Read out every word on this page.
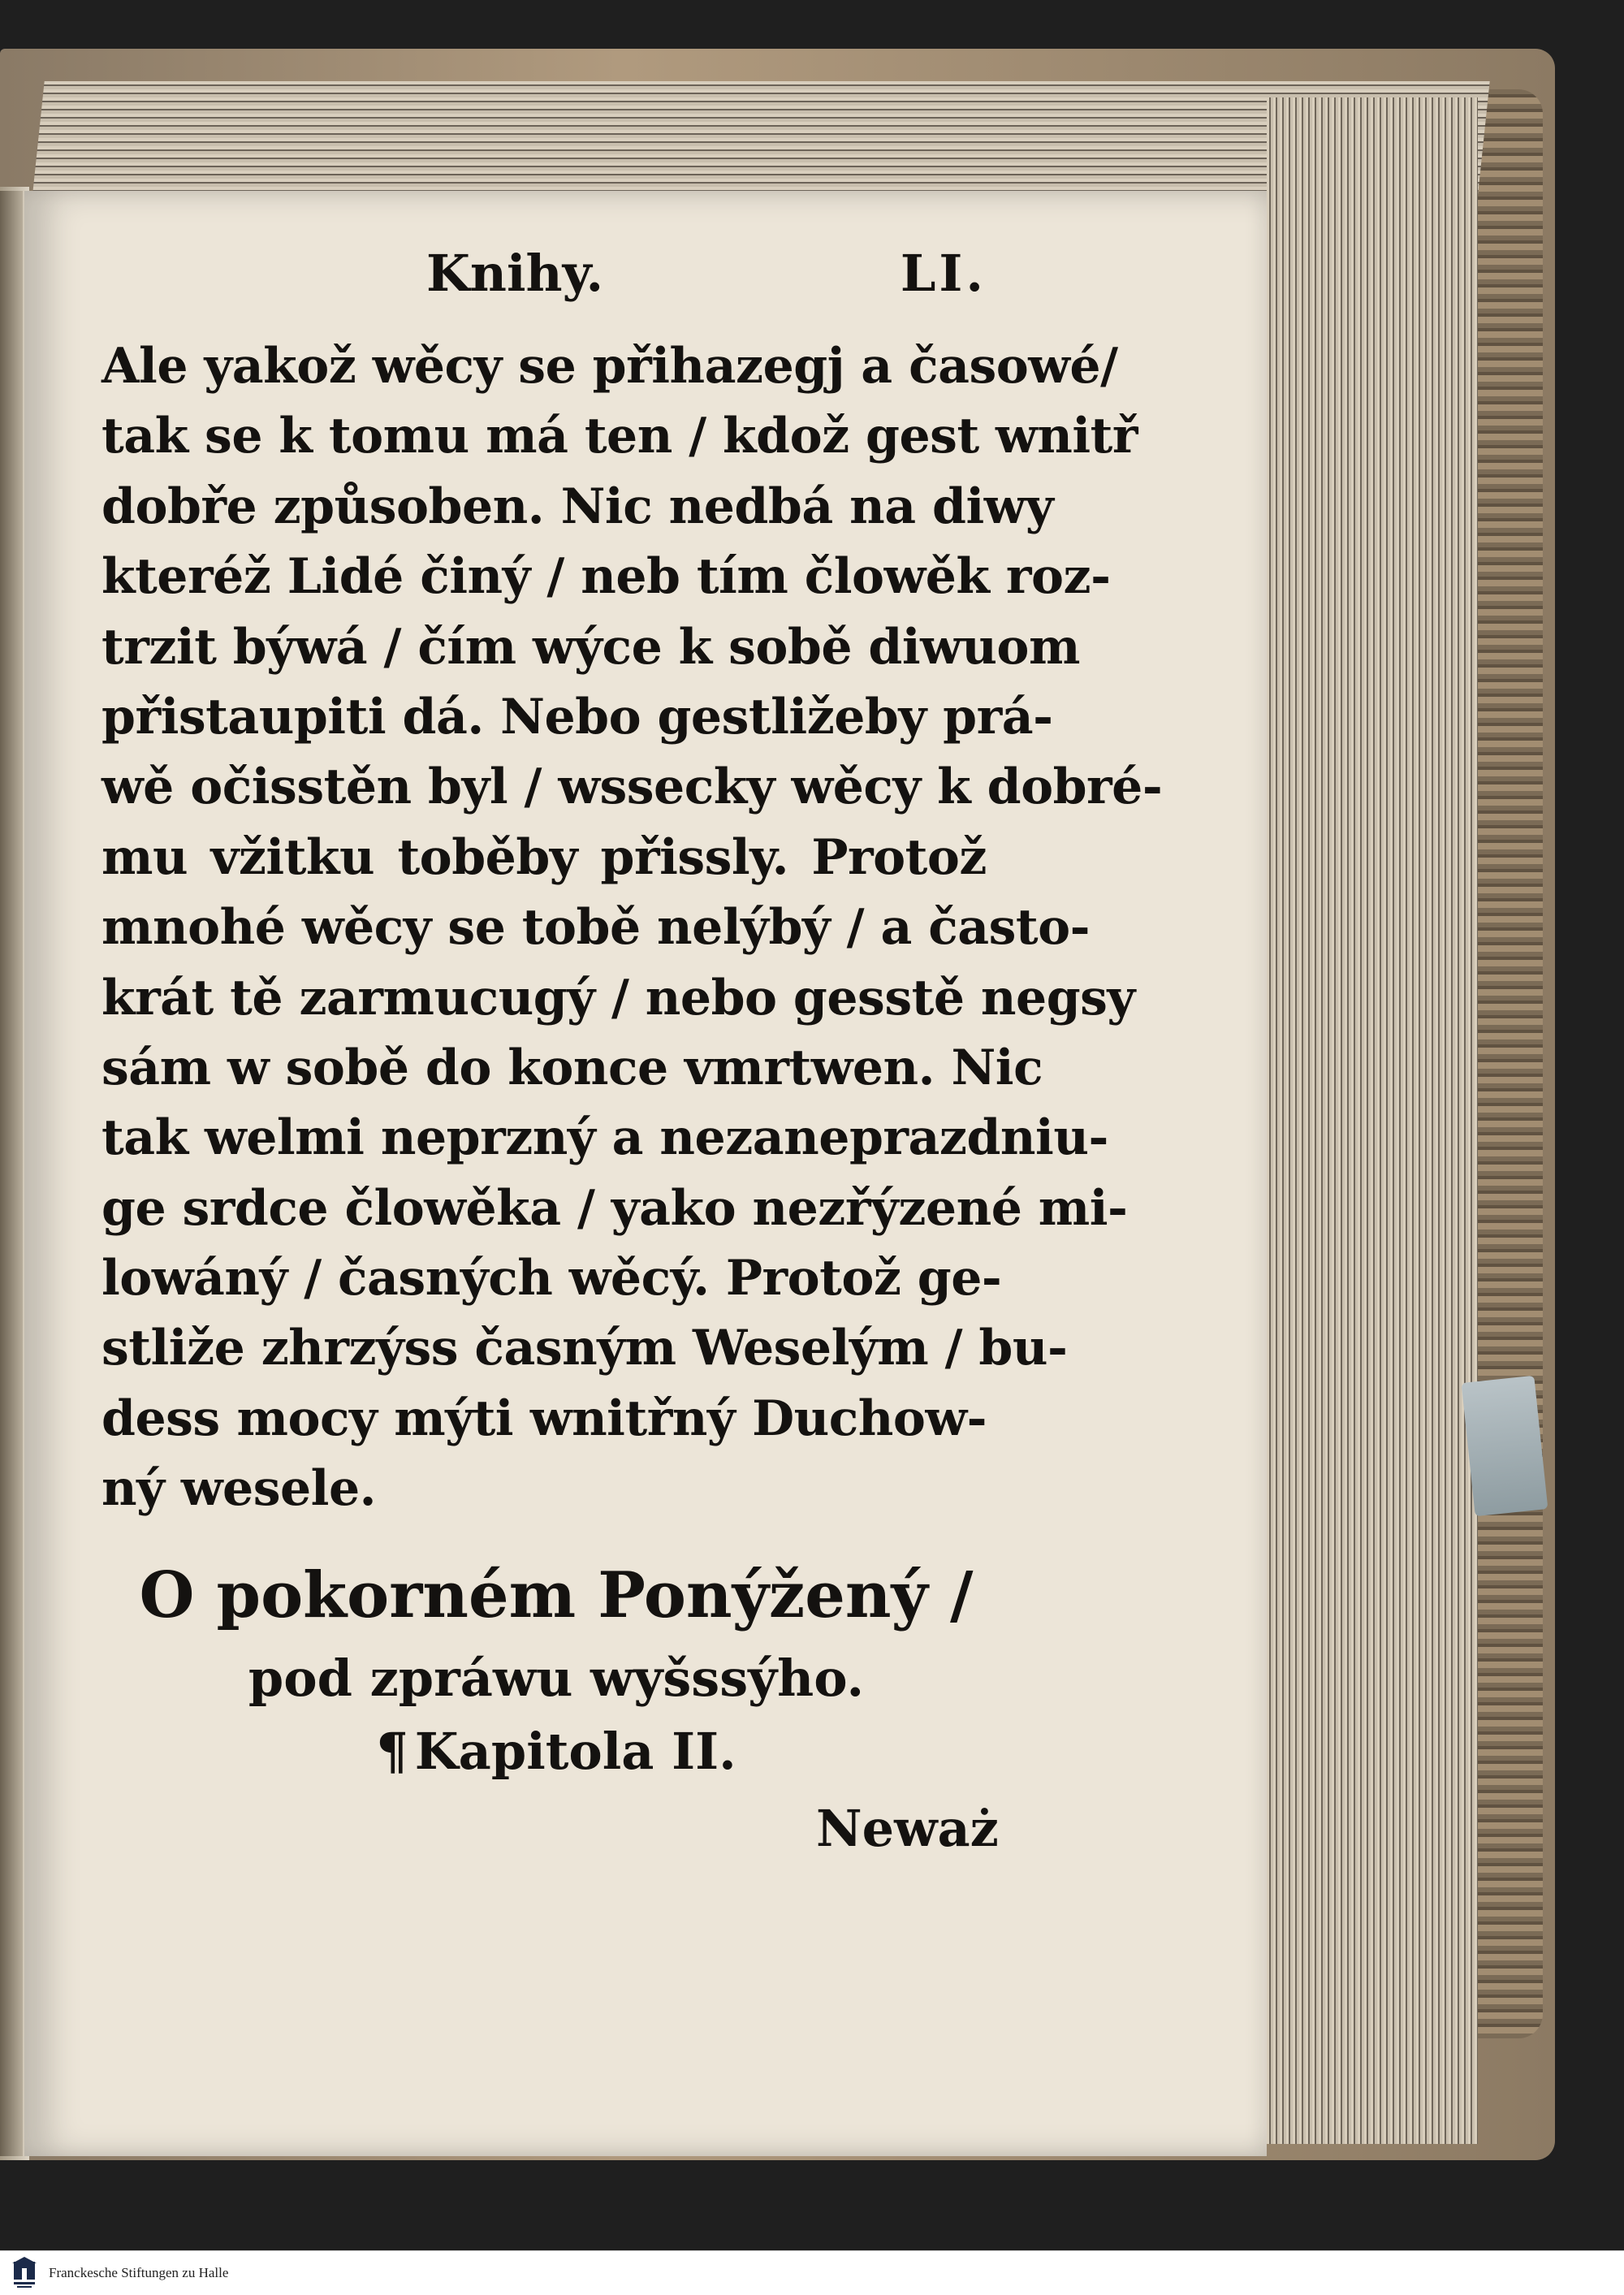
Knihy.	LI.
Ale yakož wěcy se přihazegj a časowé/
tak se k tomu má ten / kdož gest wnitř
dobře způsoben. Nic nedbá na diwy
kteréž Lidé činý / neb tím člowěk roz-
trzit býwá / čím wýce k sobě diwuom
přistaupiti dá. Nebo gestližeby prá-
wě očisstěn byl / wssecky wěcy k dobré-
mu vžitku toběby přissly. Protož
mnohé wěcy se tobě nelýbý / a často-
krát tě zarmucugý / nebo gesstě negsy
sám w sobě do konce vmrtwen. Nic
tak welmi neprzný a nezaneprazdniu-
ge srdce člowěka / yako nezřýzené mi-
lowáný / časných wěcý. Protož ge-
stliže zhrzýss časným Weselým / bu-
dess mocy mýti wnitřný Duchow-
ný wesele.
O pokorném Ponýžený /
pod zpráwu wyšssýho.
¶ Kapitola II.
Neważ
Franckesche Stiftungen zu Halle
